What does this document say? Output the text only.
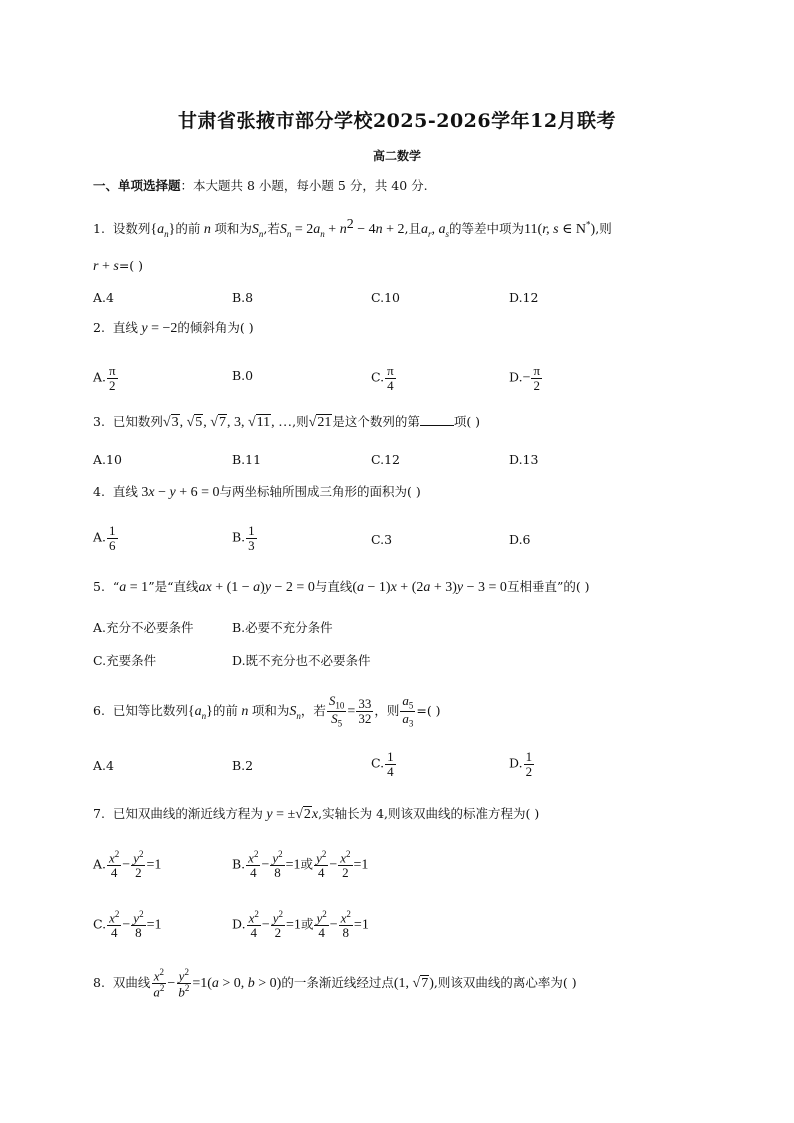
甘肃省张掖市部分学校2025-2026学年12月联考
高二数学
一、单项选择题：本大题共 8 小题，每小题 5 分，共 40 分.
1. 设数列$\{a_n\}$的前 n 项和为$S_n$,若$S_n = 2a_n + n^2 - 4n + 2$,且$a_r$, $a_s$的等差中项为11(r, s ∈ N*),则
r + s=( )
A.4	B.8	C.10	D.12
2. 直线 y = −2的倾斜角为( )
A. $\frac{\pi}{2}$	B.0	C. $\frac{\pi}{4}$	$D.- \frac{\pi}{2}$
3. 已知数列√3, √5, √7, 3, √11, …,则√21是这个数列的第	项( )
A.10	B.11	C.12	D.13
4. 直线 3x − y + 6 = 0与两坐标轴所围成三角形的面积为( )
A. $\frac{1}{6}$	B. $\frac{1}{3}$	C.3	D.6
5. “a = 1”是“直线ax + (1 − a)y − 2 = 0与直线(a − 1)x + (2a + 3)y − 3 = 0互相垂直”的( )
A.充分不必要条件	B.必要不充分条件
C.充要条件	D.既不充分也不必要条件
6. 已知等比数列$\{a_n\}$的前 n 项和为$S_n$，若 $\frac{S_{10}}{S_5} = \frac{33}{32}$ ，则 $\frac{a_5}{a_3}$ =( )
A.4	B.2	C. $\frac{1}{4}$	D. $\frac{1}{2}$
7. 已知双曲线的渐近线方程为 y = ±√2x,实轴长为 4,则该双曲线的标准方程为( )
A. $\frac{x^2}{4} - \frac{y^2}{2} =1$	B. $\frac{x^2}{4} - \frac{y^2}{8} =1$或 $\frac{y^2}{4} - \frac{x^2}{2} =1$
C. $\frac{x^2}{4} - \frac{y^2}{8} =1$	D. $\frac{x^2}{4} - \frac{y^2}{2} =1$或 $\frac{y^2}{4} - \frac{x^2}{8} =1$
8. 双曲线 $\frac{x^2}{a^2} - \frac{y^2}{b^2} =1(a > 0$, b > 0)的一条渐近线经过点(1, √7),则该双曲线的离心率为( )
